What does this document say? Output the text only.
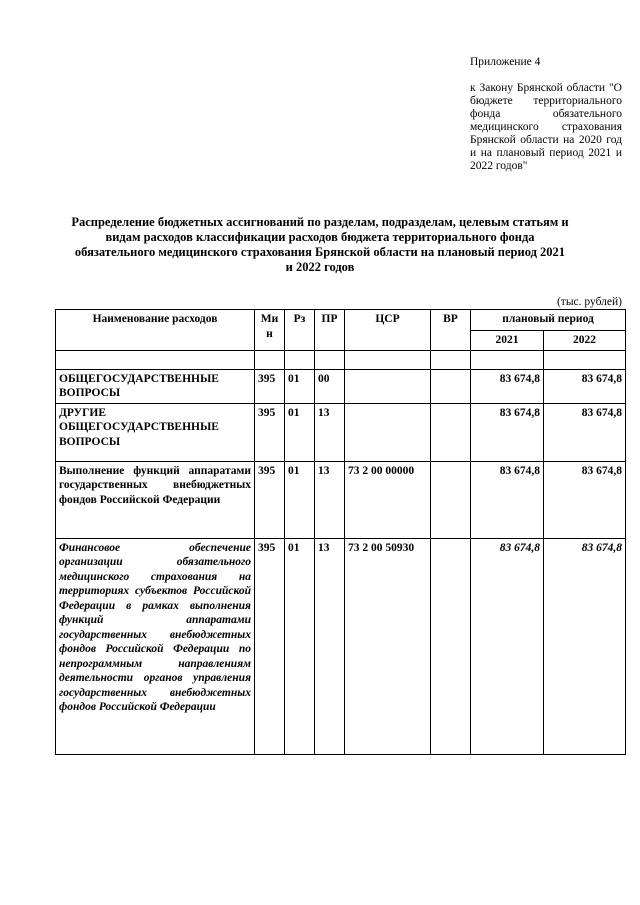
Приложение 4
к Закону Брянской области "О бюджете территориального фонда обязательного медицинского страхования Брянской области на 2020 год и на плановый период 2021 и 2022 годов"
Распределение бюджетных ассигнований по разделам, подразделам, целевым статьям и видам расходов классификации расходов бюджета территориального фонда обязательного медицинского страхования Брянской области на плановый период 2021 и 2022 годов
(тыс. рублей)
Наименование расходов	Ми н	Рз	ПР	ЦСР	ВР	плановый период	
						2021	2022

ОБЩЕГОСУДАРСТВЕННЫЕ ВОПРОСЫ	395	01	00			83 674,8	83 674,8
ДРУГИЕ ОБЩЕГОСУДАРСТВЕННЫЕ ВОПРОСЫ	395	01	13			83 674,8	83 674,8
Выполнение функций аппаратами государственных внебюджетных фондов Российской Федерации	395	01	13	73 2 00 00000		83 674,8	83 674,8
Финансовое обеспечение организации обязательного медицинского страхования на территориях субъектов Российской Федерации в рамках выполнения функций аппаратами государственных внебюджетных фондов Российской Федерации по непрограммным направлениям деятельности органов управления государственных внебюджетных фондов Российской Федерации	395	01	13	73 2 00 50930		83 674,8	83 674,8
